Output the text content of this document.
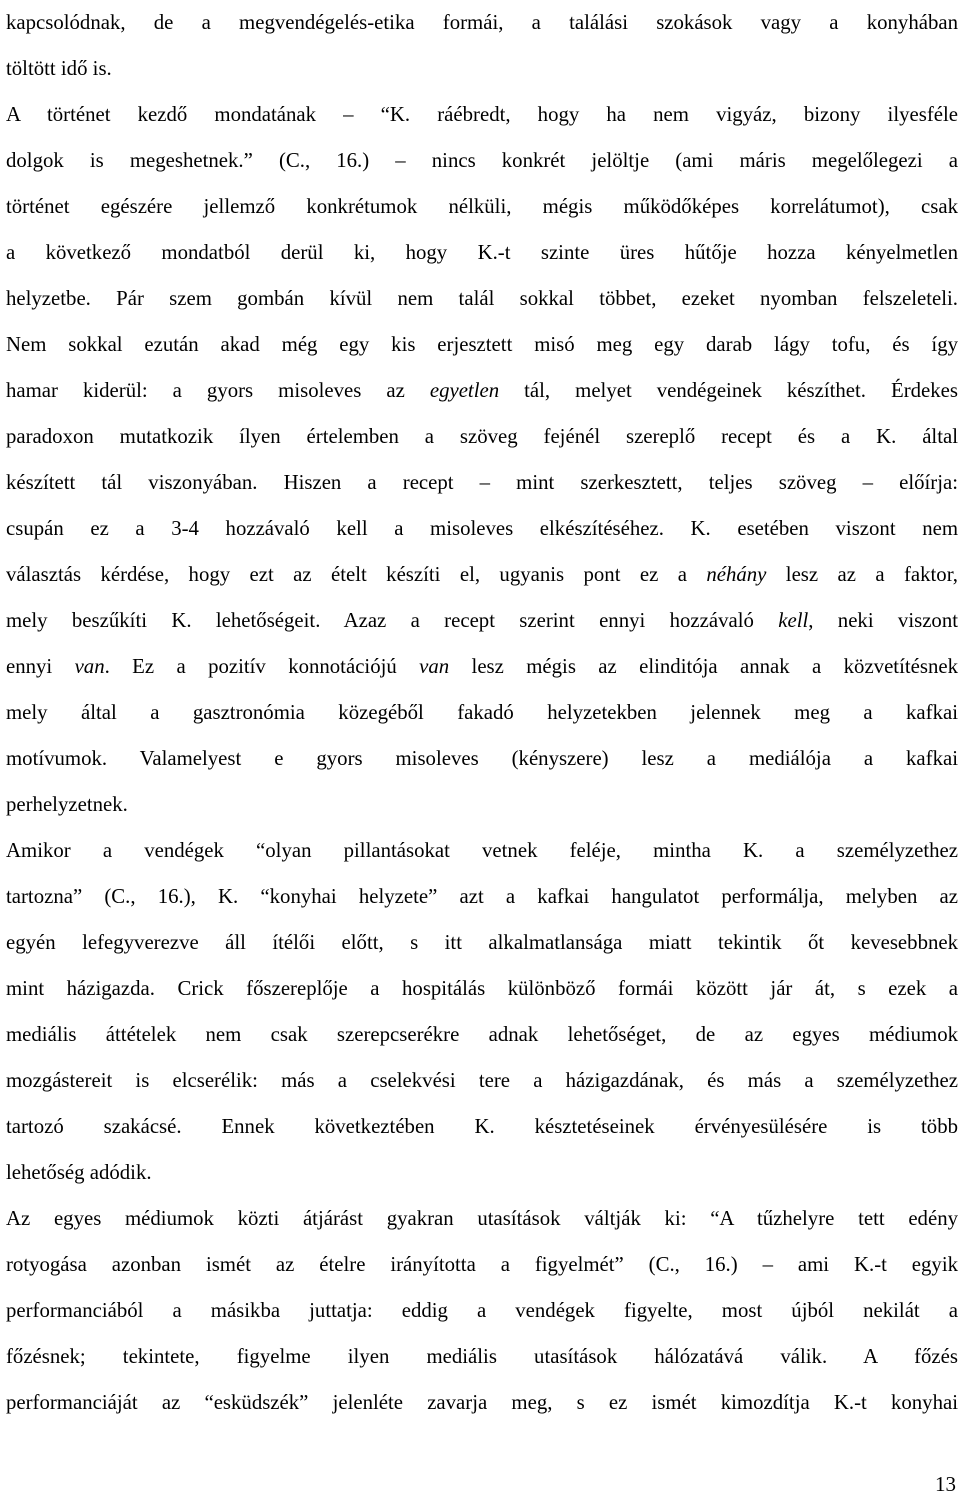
kapcsolódnak, de a megvendégelés-etika formái, a találási szokások vagy a konyhában
töltött idő is.
A történet kezdő mondatának – “K. ráébredt, hogy ha nem vigyáz, bizony ilyesféle
dolgok is megeshetnek.” (C., 16.) – nincs konkrét jelöltje (ami máris megelőlegezi a
történet egészére jellemző konkrétumok nélküli, mégis működőképes korrelátumot), csak
a következő mondatból derül ki, hogy K.-t szinte üres hűtője hozza kényelmetlen
helyzetbe. Pár szem gombán kívül nem talál sokkal többet, ezeket nyomban felszeleteli.
Nem sokkal ezután akad még egy kis erjesztett misó meg egy darab lágy tofu, és így
hamar kiderül: a gyors misoleves az egyetlen tál, melyet vendégeinek készíthet. Érdekes
paradoxon mutatkozik ílyen értelemben a szöveg fejénél szereplő recept és a K. által
készített tál viszonyában. Hiszen a recept – mint szerkesztett, teljes szöveg – előírja:
csupán ez a 3-4 hozzávaló kell a misoleves elkészítéséhez. K. esetében viszont nem
választás kérdése, hogy ezt az ételt készíti el, ugyanis pont ez a néhány lesz az a faktor,
mely beszűkíti K. lehetőségeit. Azaz a recept szerint ennyi hozzávaló kell, neki viszont
ennyi van. Ez a pozitív konnotációjú van lesz mégis az elinditója annak a közvetítésnek
mely által a gasztronómia közegéből fakadó helyzetekben jelennek meg a kafkai
motívumok. Valamelyest e gyors misoleves (kényszere) lesz a mediálója a kafkai
perhelyzetnek.
Amikor a vendégek “olyan pillantásokat vetnek feléje, mintha K. a személyzethez
tartozna” (C., 16.), K. “konyhai helyzete” azt a kafkai hangulatot performálja, melyben az
egyén lefegyverezve áll ítélői előtt, s itt alkalmatlansága miatt tekintik őt kevesebbnek
mint házigazda. Crick főszereplője a hospitálás különböző formái között jár át, s ezek a
mediális áttételek nem csak szerepcserékre adnak lehetőséget, de az egyes médiumok
mozgástereit is elcserélik: más a cselekvési tere a házigazdának, és más a személyzethez
tartozó szakácsé. Ennek következtében K. késztetéseinek érvényesülésére is több
lehetőség adódik.
Az egyes médiumok közti átjárást gyakran utasítások váltják ki: “A tűzhelyre tett edény
rotyogása azonban ismét az ételre irányította a figyelmét” (C., 16.) – ami K.-t egyik
performanciából a másikba juttatja: eddig a vendégek figyelte, most újból nekilát a
főzésnek; tekintete, figyelme ilyen mediális utasítások hálózatává válik. A főzés
performanciáját az “esküdszék” jelenléte zavarja meg, s ez ismét kimozdítja K.-t konyhai
13
